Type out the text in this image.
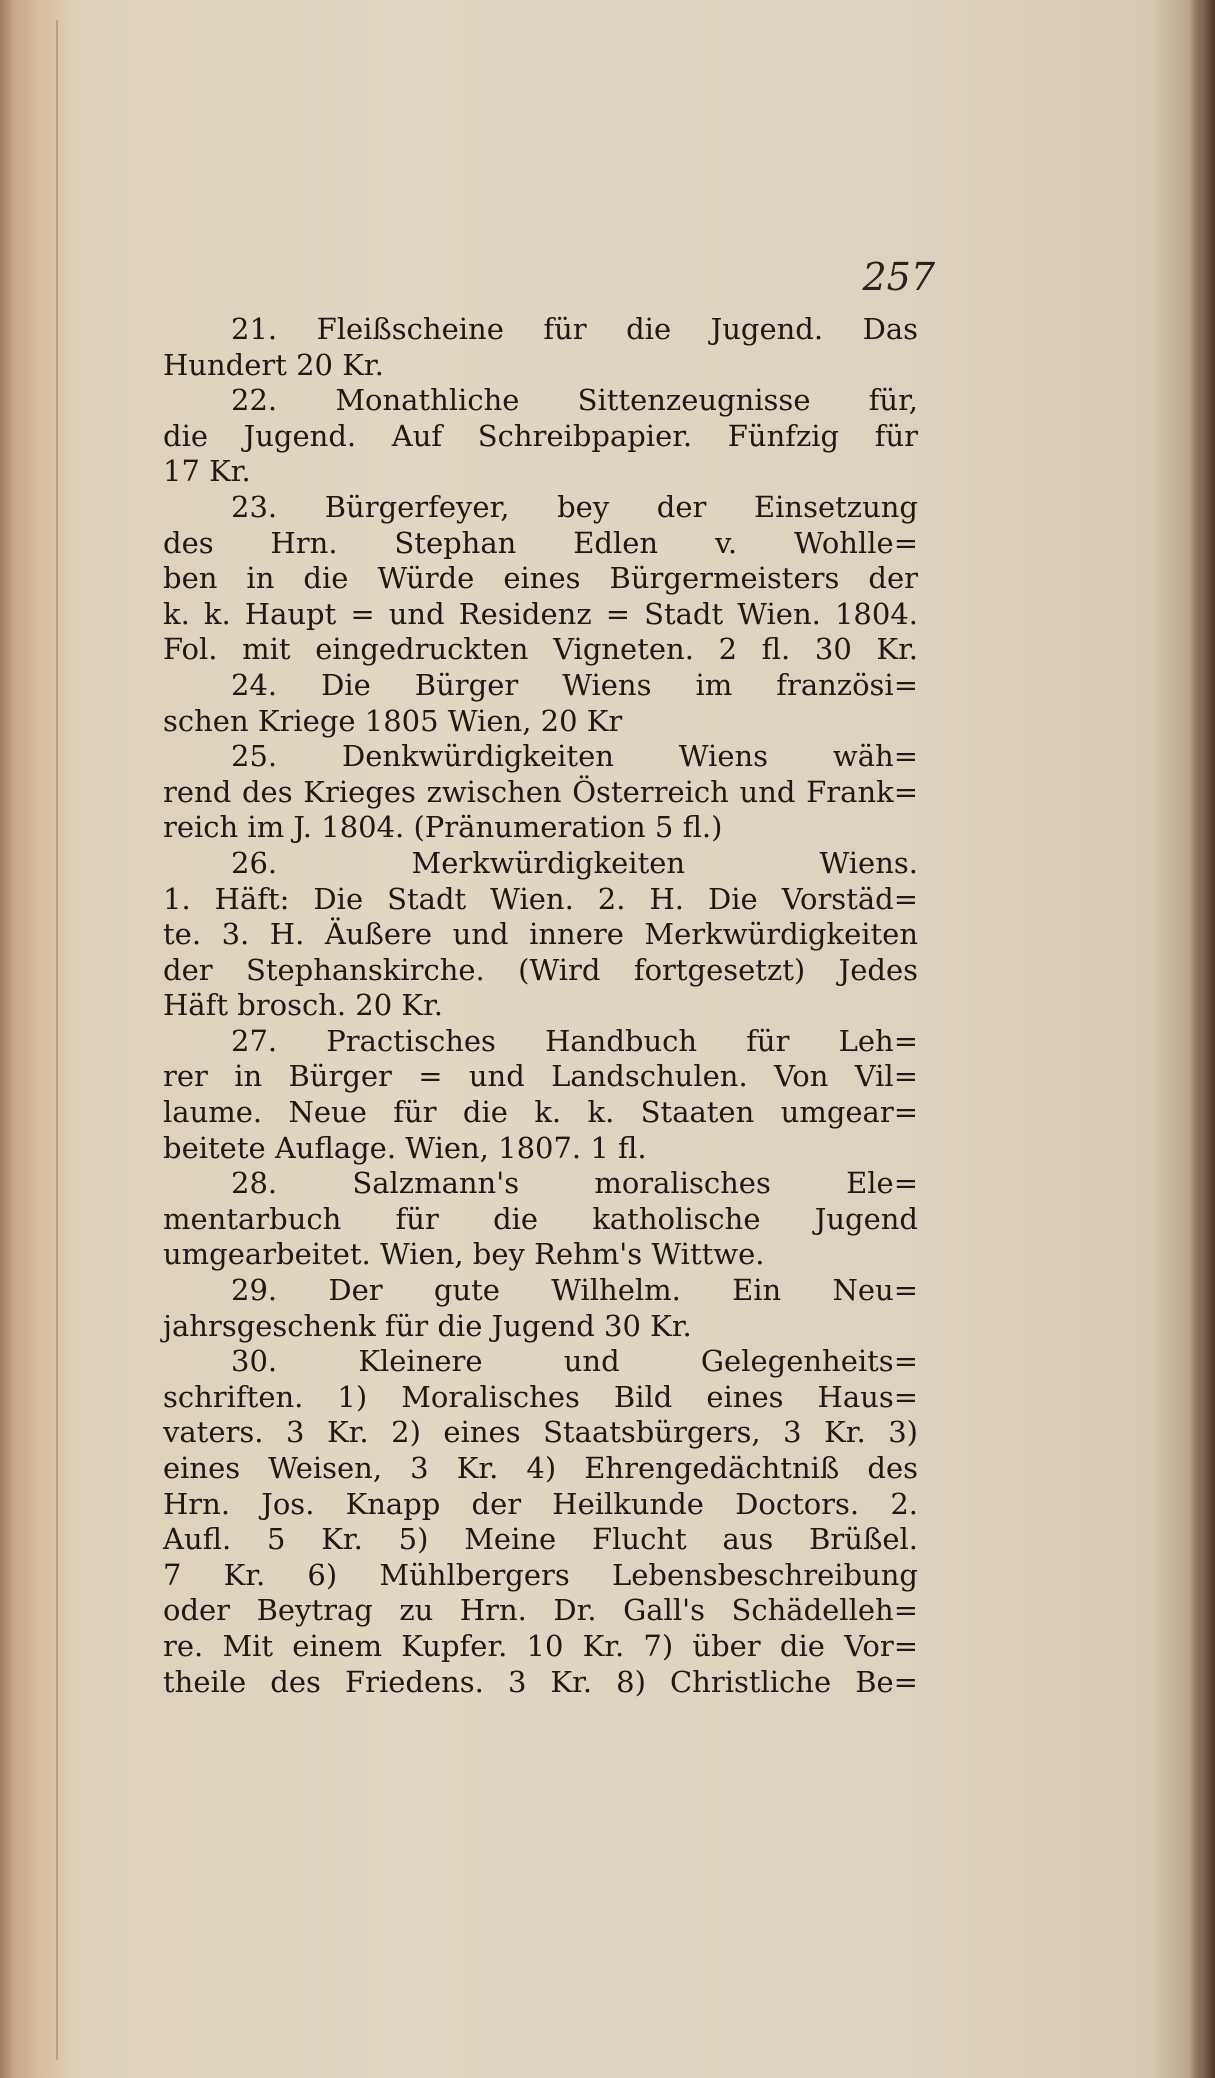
257
21. Fleißscheine für die Jugend. Das
Hundert 20 Kr.
22. Monathliche Sittenzeugnisse für,
die Jugend. Auf Schreibpapier. Fünfzig für
17 Kr.
23. Bürgerfeyer, bey der Einsetzung
des Hrn. Stephan Edlen v. Wohlle=
ben in die Würde eines Bürgermeisters der
k. k. Haupt = und Residenz = Stadt Wien. 1804.
Fol. mit eingedruckten Vigneten. 2 fl. 30 Kr.
24. Die Bürger Wiens im französi=
schen Kriege 1805 Wien, 20 Kr
25. Denkwürdigkeiten Wiens wäh=
rend des Krieges zwischen Österreich und Frank=
reich im J. 1804. (Pränumeration 5 fl.)
26. Merkwürdigkeiten Wiens.
1. Häft: Die Stadt Wien. 2. H. Die Vorstäd=
te. 3. H. Äußere und innere Merkwürdigkeiten
der Stephanskirche. (Wird fortgesetzt) Jedes
Häft brosch. 20 Kr.
27. Practisches Handbuch für Leh=
rer in Bürger = und Landschulen. Von Vil=
laume. Neue für die k. k. Staaten umgear=
beitete Auflage. Wien, 1807. 1 fl.
28. Salzmann's moralisches Ele=
mentarbuch für die katholische Jugend
umgearbeitet. Wien, bey Rehm's Wittwe.
29. Der gute Wilhelm. Ein Neu=
jahrsgeschenk für die Jugend 30 Kr.
30. Kleinere und Gelegenheits=
schriften. 1) Moralisches Bild eines Haus=
vaters. 3 Kr. 2) eines Staatsbürgers, 3 Kr. 3)
eines Weisen, 3 Kr. 4) Ehrengedächtniß des
Hrn. Jos. Knapp der Heilkunde Doctors. 2.
Aufl. 5 Kr. 5) Meine Flucht aus Brüßel.
7 Kr. 6) Mühlbergers Lebensbeschreibung
oder Beytrag zu Hrn. Dr. Gall's Schädelleh=
re. Mit einem Kupfer. 10 Kr. 7) über die Vor=
theile des Friedens. 3 Kr. 8) Christliche Be=
